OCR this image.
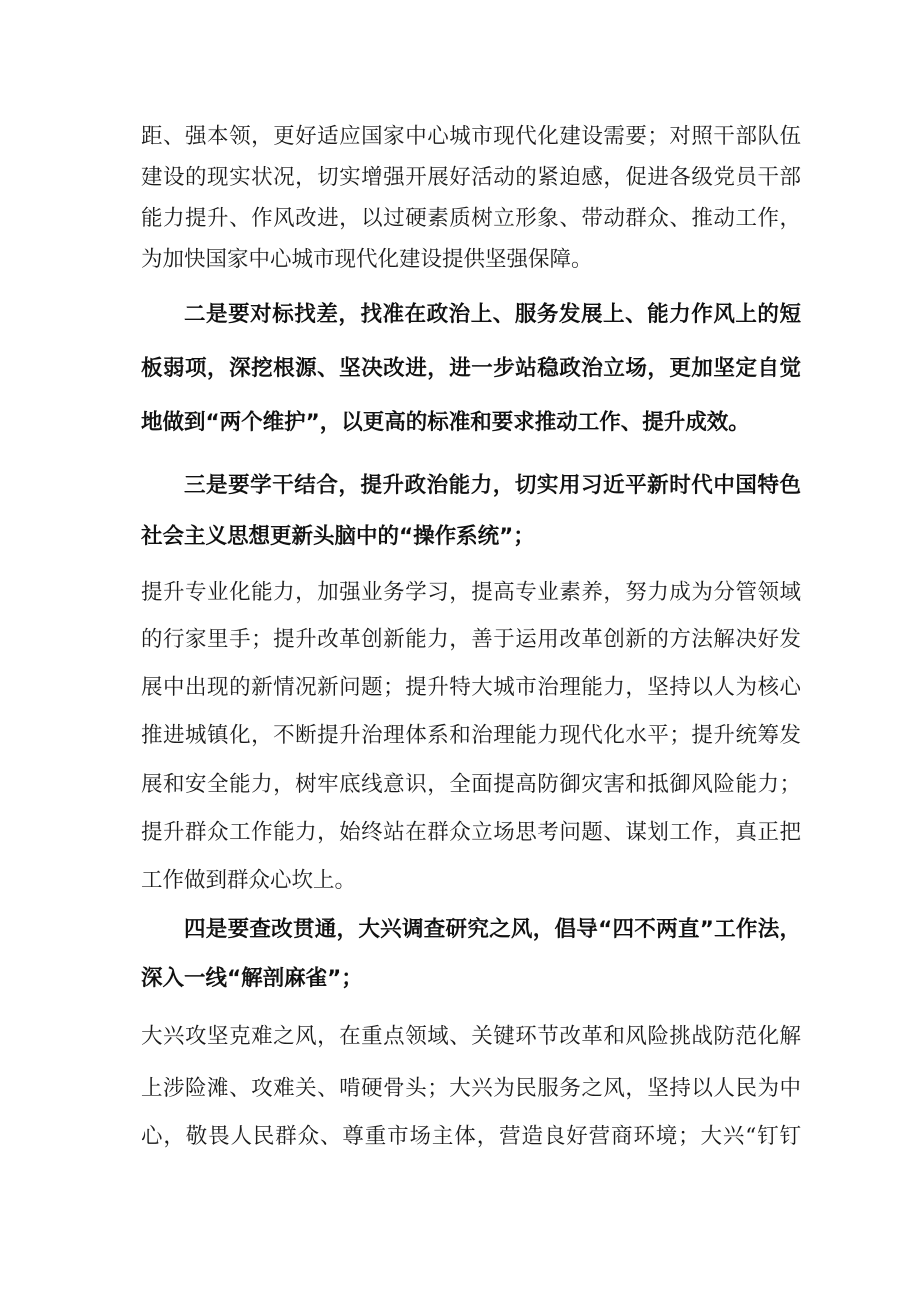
距、强本领，更好适应国家中心城市现代化建设需要；对照干部队伍
建设的现实状况，切实增强开展好活动的紧迫感，促进各级党员干部
能力提升、作风改进，以过硬素质树立形象、带动群众、推动工作，
为加快国家中心城市现代化建设提供坚强保障。
二是要对标找差，找准在政治上、服务发展上、能力作风上的短
板弱项，深挖根源、坚决改进，进一步站稳政治立场，更加坚定自觉
地做到“两个维护”，以更高的标准和要求推动工作、提升成效。
三是要学干结合，提升政治能力，切实用习近平新时代中国特色
社会主义思想更新头脑中的“操作系统”；
提升专业化能力，加强业务学习，提高专业素养，努力成为分管领域
的行家里手；提升改革创新能力，善于运用改革创新的方法解决好发
展中出现的新情况新问题；提升特大城市治理能力，坚持以人为核心
推进城镇化，不断提升治理体系和治理能力现代化水平；提升统筹发
展和安全能力，树牢底线意识，全面提高防御灾害和抵御风险能力；
提升群众工作能力，始终站在群众立场思考问题、谋划工作，真正把
工作做到群众心坎上。
四是要查改贯通，大兴调查研究之风，倡导“四不两直”工作法，
深入一线“解剖麻雀”；
大兴攻坚克难之风，在重点领域、关键环节改革和风险挑战防范化解
上涉险滩、攻难关、啃硬骨头；大兴为民服务之风，坚持以人民为中
心，敬畏人民群众、尊重市场主体，营造良好营商环境；大兴“钉钉
